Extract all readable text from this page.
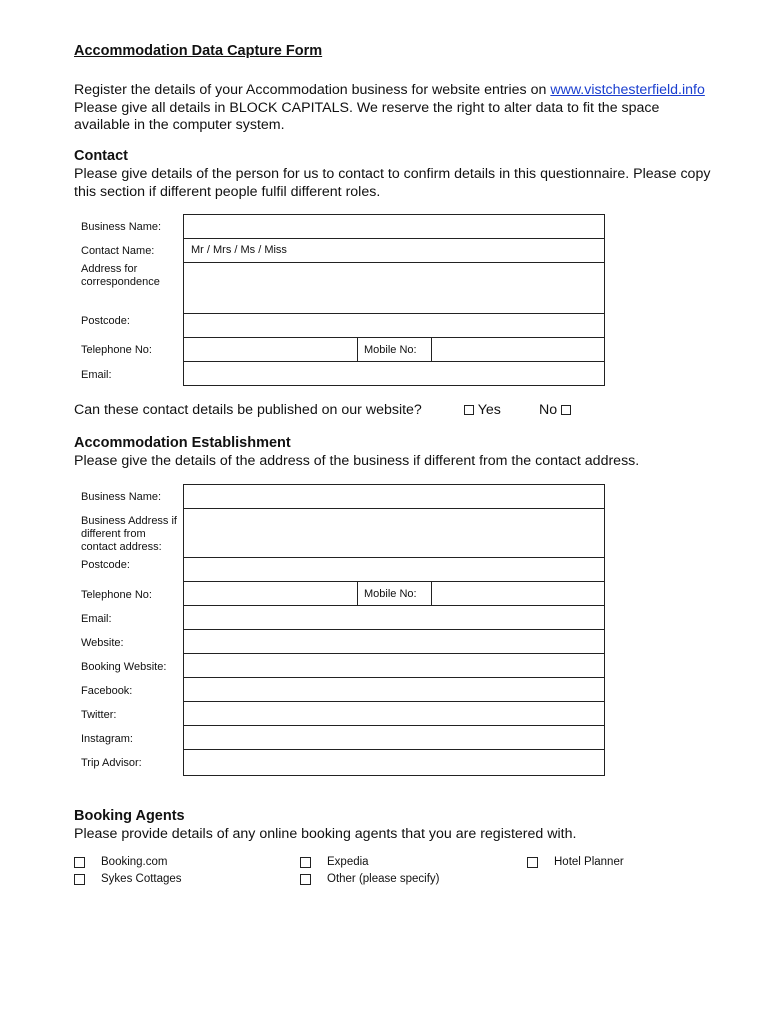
Accommodation Data Capture Form

Register the details of your Accommodation business for website entries on www.vistchesterfield.info Please give all details in BLOCK CAPITALS. We reserve the right to alter data to fit the space available in the computer system.

Contact

Please give details of the person for us to contact to confirm details in this questionnaire. Please copy this section if different people fulfil different roles.

Business Name:
Contact Name:	Mr / Mrs / Ms / Miss
Address for correspondence
Postcode:
Telephone No:	Mobile No:
Email:
Can these contact details be published on our website?	Yes	No
Accommodation Establishment

Please give the details of the address of the business if different from the contact address.

Business Name:
Business Address if different from contact address:
Postcode:
Telephone No:	Mobile No:
Email:
Website:
Booking Website:
Facebook:
Twitter:
Instagram:
Trip Advisor:
Booking Agents

Please provide details of any online booking agents that you are registered with.

Booking.com	Expedia	Hotel Planner
Sykes Cottages	Other (please specify)
